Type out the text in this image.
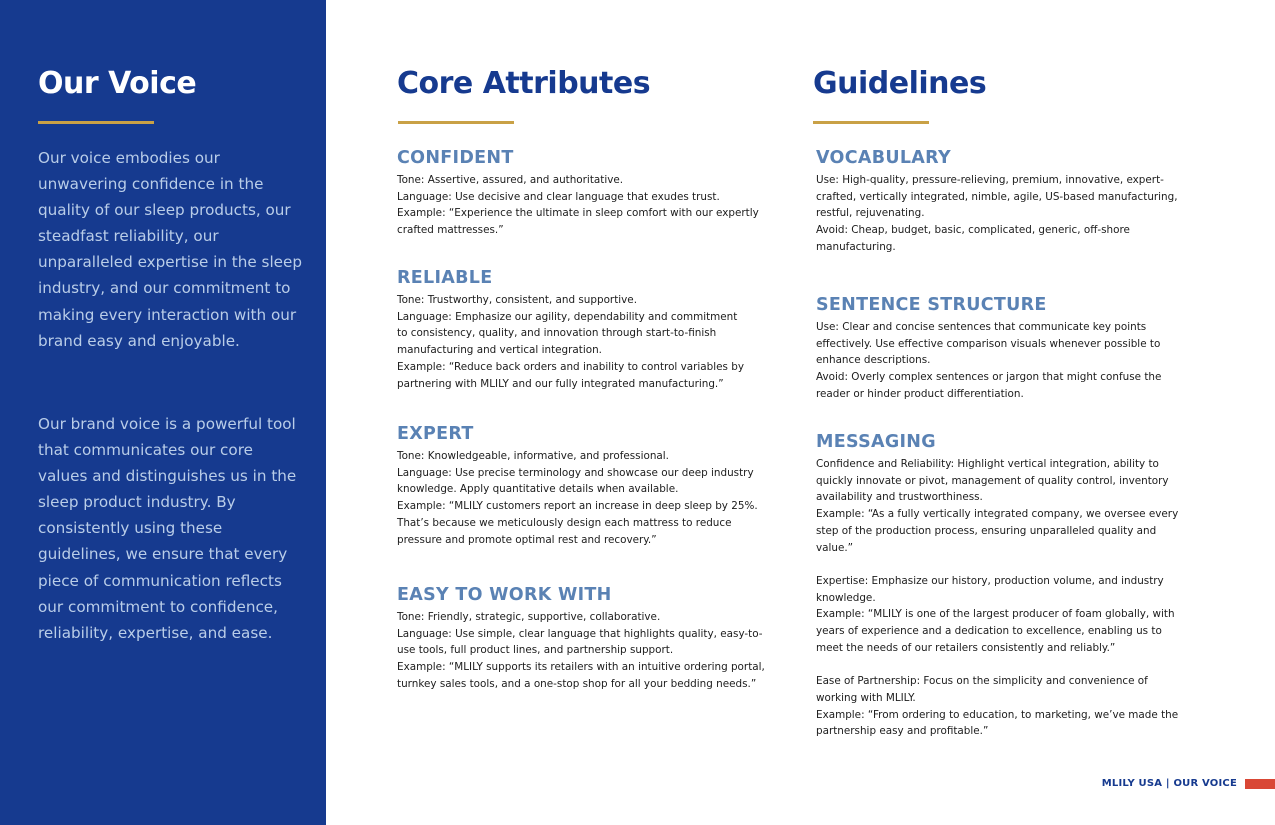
Our Voice

Our voice embodies our unwavering confidence in the quality of our sleep products, our steadfast reliability, our unparalleled expertise in the sleep industry, and our commitment to making every interaction with our brand easy and enjoyable.

Our brand voice is a powerful tool that communicates our core values and distinguishes us in the sleep product industry. By consistently using these guidelines, we ensure that every piece of communication reflects our commitment to confidence, reliability, expertise, and ease.

Core Attributes
CONFIDENT

Tone: Assertive, assured, and authoritative.

Language: Use decisive and clear language that exudes trust.

Example: “Experience the ultimate in sleep comfort with our expertly

crafted mattresses.”

RELIABLE

Tone: Trustworthy, consistent, and supportive.

Language: Emphasize our agility, dependability and commitment

to consistency, quality, and innovation through start-to-finish

manufacturing and vertical integration.

Example: “Reduce back orders and inability to control variables by

partnering with MLILY and our fully integrated manufacturing.”

EXPERT

Tone: Knowledgeable, informative, and professional.

Language: Use precise terminology and showcase our deep industry

knowledge. Apply quantitative details when available.

Example: “MLILY customers report an increase in deep sleep by 25%.

That’s because we meticulously design each mattress to reduce

pressure and promote optimal rest and recovery.”

EASY TO WORK WITH

Tone: Friendly, strategic, supportive, collaborative.

Language: Use simple, clear language that highlights quality, easy-to-

use tools, full product lines, and partnership support.

Example: “MLILY supports its retailers with an intuitive ordering portal,

turnkey sales tools, and a one-stop shop for all your bedding needs.”

Guidelines
VOCABULARY

Use: High-quality, pressure-relieving, premium, innovative, expert-

crafted, vertically integrated, nimble, agile, US-based manufacturing,

restful, rejuvenating.

Avoid: Cheap, budget, basic, complicated, generic, off-shore

manufacturing.

SENTENCE STRUCTURE

Use: Clear and concise sentences that communicate key points

effectively. Use effective comparison visuals whenever possible to

enhance descriptions.

Avoid: Overly complex sentences or jargon that might confuse the

reader or hinder product differentiation.

MESSAGING

Confidence and Reliability: Highlight vertical integration, ability to

quickly innovate or pivot, management of quality control, inventory

availability and trustworthiness.

Example: “As a fully vertically integrated company, we oversee every

step of the production process, ensuring unparalleled quality and

value.”

Expertise: Emphasize our history, production volume, and industry

knowledge.

Example: “MLILY is one of the largest producer of foam globally, with

years of experience and a dedication to excellence, enabling us to

meet the needs of our retailers consistently and reliably.”

Ease of Partnership: Focus on the simplicity and convenience of

working with MLILY.

Example: “From ordering to education, to marketing, we’ve made the

partnership easy and profitable.”

MLILY USA | OUR VOICE
